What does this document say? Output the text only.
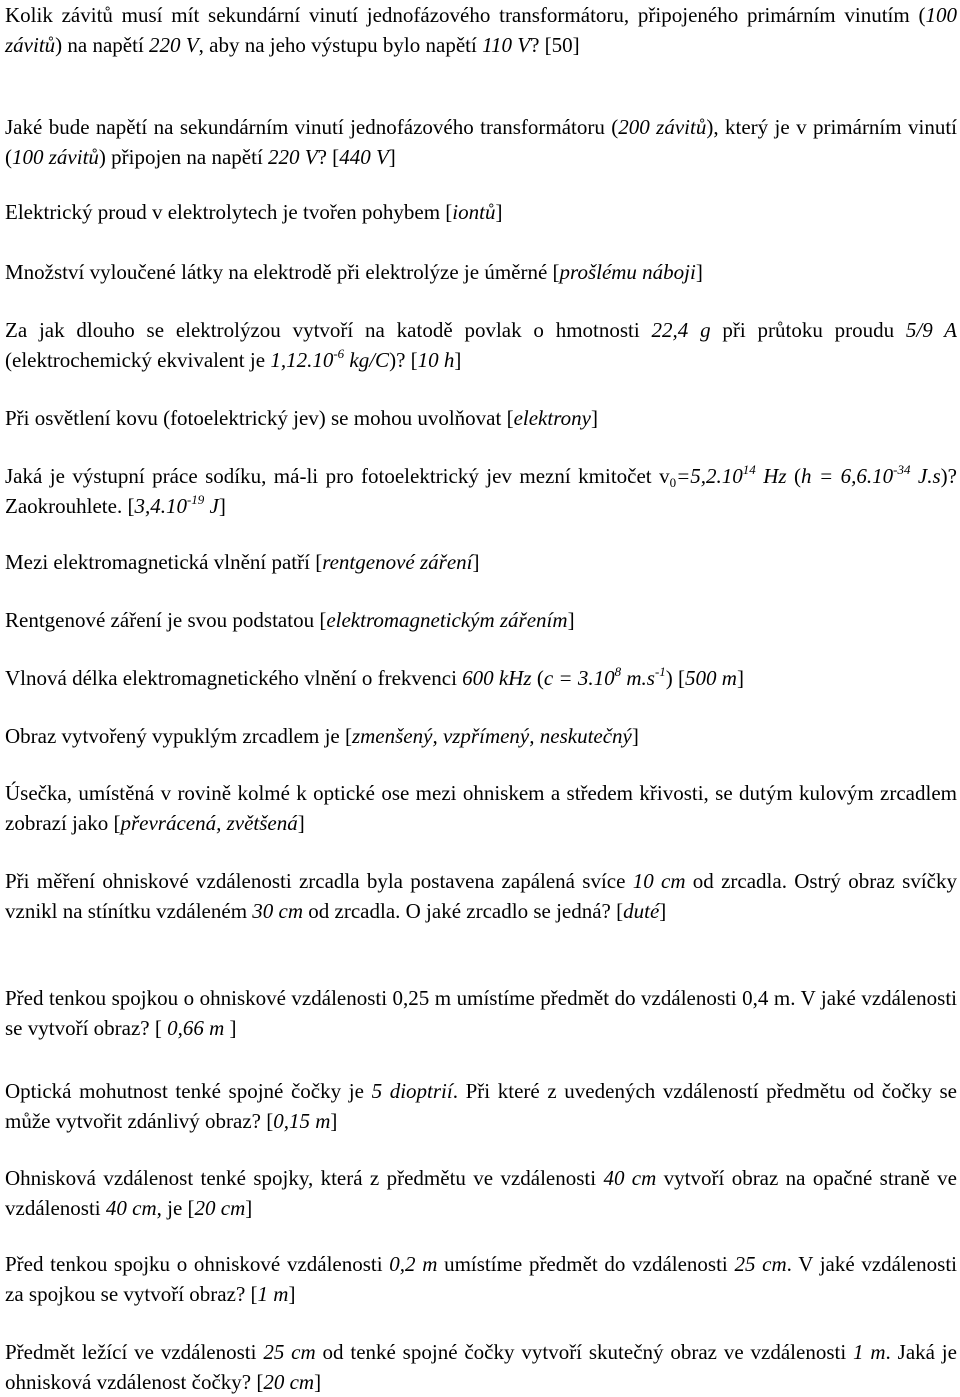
Kolik závitů musí mít sekundární vinutí jednofázového transformátoru, připojeného primárním vinutím (100 závitů) na napětí 220 V, aby na jeho výstupu bylo napětí 110 V? [50]

Jaké bude napětí na sekundárním vinutí jednofázového transformátoru (200 závitů), který je v primárním vinutí (100 závitů) připojen na napětí 220 V? [440 V]

Elektrický proud v elektrolytech je tvořen pohybem [iontů]

Množství vyloučené látky na elektrodě při elektrolýze je úměrné [prošlému náboji]

Za jak dlouho se elektrolýzou vytvoří na katodě povlak o hmotnosti 22,4 g při průtoku proudu 5/9 A (elektrochemický ekvivalent je $1,12.10^{-6}$ kg/C)? [10 h]

Při osvětlení kovu (fotoelektrický jev) se mohou uvolňovat [elektrony]

Jaká je výstupní práce sodíku, má-li pro fotoelektrický jev mezní kmitočet $v_0=5,2.10^{14}$ Hz ($h = 6,6.10^{-34}$ J.s)? Zaokrouhlete. [$3,4.10^{-19}$ J]

Mezi elektromagnetická vlnění patří [rentgenové záření]

Rentgenové záření je svou podstatou [elektromagnetickým zářením]

Vlnová délka elektromagnetického vlnění o frekvenci 600 kHz ($c = 3.10^8$ $m.s^{-1}$) [500 m]

Obraz vytvořený vypuklým zrcadlem je [zmenšený, vzpřímený, neskutečný]

Úsečka, umístěná v rovině kolmé k optické ose mezi ohniskem a středem křivosti, se dutým kulovým zrcadlem zobrazí jako [převrácená, zvětšená]

Při měření ohniskové vzdálenosti zrcadla byla postavena zapálená svíce 10 cm od zrcadla. Ostrý obraz svíčky vznikl na stínítku vzdáleném 30 cm od zrcadla. O jaké zrcadlo se jedná? [duté]

Před tenkou spojkou o ohniskové vzdálenosti 0,25 m umístíme předmět do vzdálenosti 0,4 m. V jaké vzdálenosti se vytvoří obraz? [ 0,66 m ]

Optická mohutnost tenké spojné čočky je 5 dioptrií. Při které z uvedených vzdáleností předmětu od čočky se může vytvořit zdánlivý obraz? [0,15 m]

Ohnisková vzdálenost tenké spojky, která z předmětu ve vzdálenosti 40 cm vytvoří obraz na opačné straně ve vzdálenosti 40 cm, je [20 cm]

Před tenkou spojku o ohniskové vzdálenosti 0,2 m umístíme předmět do vzdálenosti 25 cm. V jaké vzdálenosti za spojkou se vytvoří obraz? [1 m]

Předmět ležící ve vzdálenosti 25 cm od tenké spojné čočky vytvoří skutečný obraz ve vzdálenosti 1 m. Jaká je ohnisková vzdálenost čočky? [20 cm]
